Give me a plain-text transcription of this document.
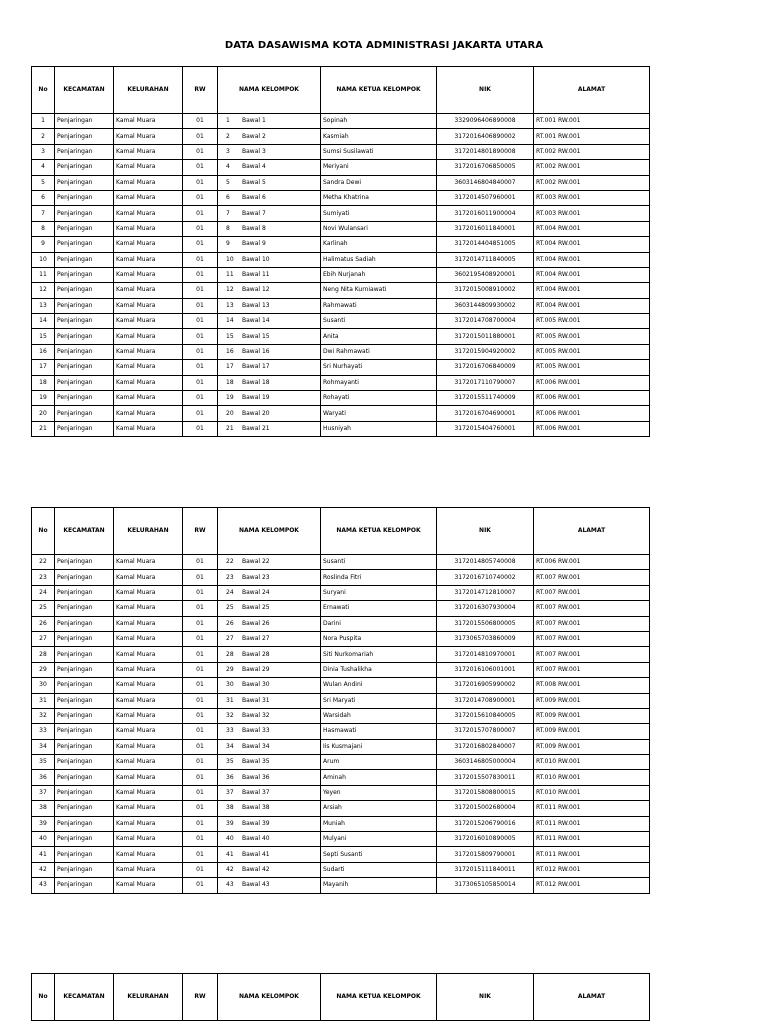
DATA DASAWISMA KOTA ADMINISTRASI JAKARTA UTARA
No	KECAMATAN	KELURAHAN	RW	NAMA KELOMPOK	NAMA KETUA KELOMPOK	NIK	ALAMAT
1	Penjaringan	Kamal Muara	01	1 Bawal 1	Sopinah	3329096406890008	RT.001 RW.001
2	Penjaringan	Kamal Muara	01	2 Bawal 2	Kasmiah	3172016406890002	RT.001 RW.001
3	Penjaringan	Kamal Muara	01	3 Bawal 3	Sumsi Susilawati	3172014801890008	RT.002 RW.001
4	Penjaringan	Kamal Muara	01	4 Bawal 4	Meriyani	3172016706850005	RT.002 RW.001
5	Penjaringan	Kamal Muara	01	5 Bawal 5	Sandra Dewi	3603146804840007	RT.002 RW.001
6	Penjaringan	Kamal Muara	01	6 Bawal 6	Metha Khatrina	3172014507960001	RT.003 RW.001
7	Penjaringan	Kamal Muara	01	7 Bawal 7	Sumiyati	3172016011900004	RT.003 RW.001
8	Penjaringan	Kamal Muara	01	8 Bawal 8	Novi Wulansari	3172016011840001	RT.004 RW.001
9	Penjaringan	Kamal Muara	01	9 Bawal 9	Karlinah	3172014404851005	RT.004 RW.001
10	Penjaringan	Kamal Muara	01	10 Bawal 10	Halimatus Sadiah	3172014711840005	RT.004 RW.001
11	Penjaringan	Kamal Muara	01	11 Bawal 11	Ebih Nurjanah	3602195408920001	RT.004 RW.001
12	Penjaringan	Kamal Muara	01	12 Bawal 12	Neng Nita Kurniawati	3172015008910002	RT.004 RW.001
13	Penjaringan	Kamal Muara	01	13 Bawal 13	Rahmawati	3603144809930002	RT.004 RW.001
14	Penjaringan	Kamal Muara	01	14 Bawal 14	Susanti	3172014708700004	RT.005 RW.001
15	Penjaringan	Kamal Muara	01	15 Bawal 15	Anita	3172015011880001	RT.005 RW.001
16	Penjaringan	Kamal Muara	01	16 Bawal 16	Dwi Rahmawati	3172015904920002	RT.005 RW.001
17	Penjaringan	Kamal Muara	01	17 Bawal 17	Sri Nurhayati	3172016706840009	RT.005 RW.001
18	Penjaringan	Kamal Muara	01	18 Bawal 18	Rohmayanti	3172017110790007	RT.006 RW.001
19	Penjaringan	Kamal Muara	01	19 Bawal 19	Rohayati	3172015511740009	RT.006 RW.001
20	Penjaringan	Kamal Muara	01	20 Bawal 20	Waryati	3172016704690001	RT.006 RW.001
21	Penjaringan	Kamal Muara	01	21 Bawal 21	Husniyah	3172015404760001	RT.006 RW.001
No	KECAMATAN	KELURAHAN	RW	NAMA KELOMPOK	NAMA KETUA KELOMPOK	NIK	ALAMAT
22	Penjaringan	Kamal Muara	01	22 Bawal 22	Susanti	3172014805740008	RT.006 RW.001
23	Penjaringan	Kamal Muara	01	23 Bawal 23	Roslinda Fitri	3172016710740002	RT.007 RW.001
24	Penjaringan	Kamal Muara	01	24 Bawal 24	Suryani	3172014712810007	RT.007 RW.001
25	Penjaringan	Kamal Muara	01	25 Bawal 25	Ernawati	3172016307930004	RT.007 RW.001
26	Penjaringan	Kamal Muara	01	26 Bawal 26	Darini	3172015506800005	RT.007 RW.001
27	Penjaringan	Kamal Muara	01	27 Bawal 27	Nora Puspita	3173065703860009	RT.007 RW.001
28	Penjaringan	Kamal Muara	01	28 Bawal 28	Siti Nurkomariah	3172014810970001	RT.007 RW.001
29	Penjaringan	Kamal Muara	01	29 Bawal 29	Dinia Tushalikha	3172016106001001	RT.007 RW.001
30	Penjaringan	Kamal Muara	01	30 Bawal 30	Wulan Andini	3172016905990002	RT.008 RW.001
31	Penjaringan	Kamal Muara	01	31 Bawal 31	Sri Maryati	3172014708900001	RT.009 RW.001
32	Penjaringan	Kamal Muara	01	32 Bawal 32	Warsidah	3172015610840005	RT.009 RW.001
33	Penjaringan	Kamal Muara	01	33 Bawal 33	Hasmawati	3172015707800007	RT.009 RW.001
34	Penjaringan	Kamal Muara	01	34 Bawal 34	Iis Kusmajani	3172016802840007	RT.009 RW.001
35	Penjaringan	Kamal Muara	01	35 Bawal 35	Arum	3603146805000004	RT.010 RW.001
36	Penjaringan	Kamal Muara	01	36 Bawal 36	Aminah	3172015507830011	RT.010 RW.001
37	Penjaringan	Kamal Muara	01	37 Bawal 37	Yeyen	3172015808800015	RT.010 RW.001
38	Penjaringan	Kamal Muara	01	38 Bawal 38	Arsiah	3172015002680004	RT.011 RW.001
39	Penjaringan	Kamal Muara	01	39 Bawal 39	Muniah	3172015206790016	RT.011 RW.001
40	Penjaringan	Kamal Muara	01	40 Bawal 40	Mulyani	3172016010890005	RT.011 RW.001
41	Penjaringan	Kamal Muara	01	41 Bawal 41	Septi Susanti	3172015809790001	RT.011 RW.001
42	Penjaringan	Kamal Muara	01	42 Bawal 42	Sudarti	3172015111840011	RT.012 RW.001
43	Penjaringan	Kamal Muara	01	43 Bawal 43	Mayanih	3173065105850014	RT.012 RW.001
No	KECAMATAN	KELURAHAN	RW	NAMA KELOMPOK	NAMA KETUA KELOMPOK	NIK	ALAMAT
